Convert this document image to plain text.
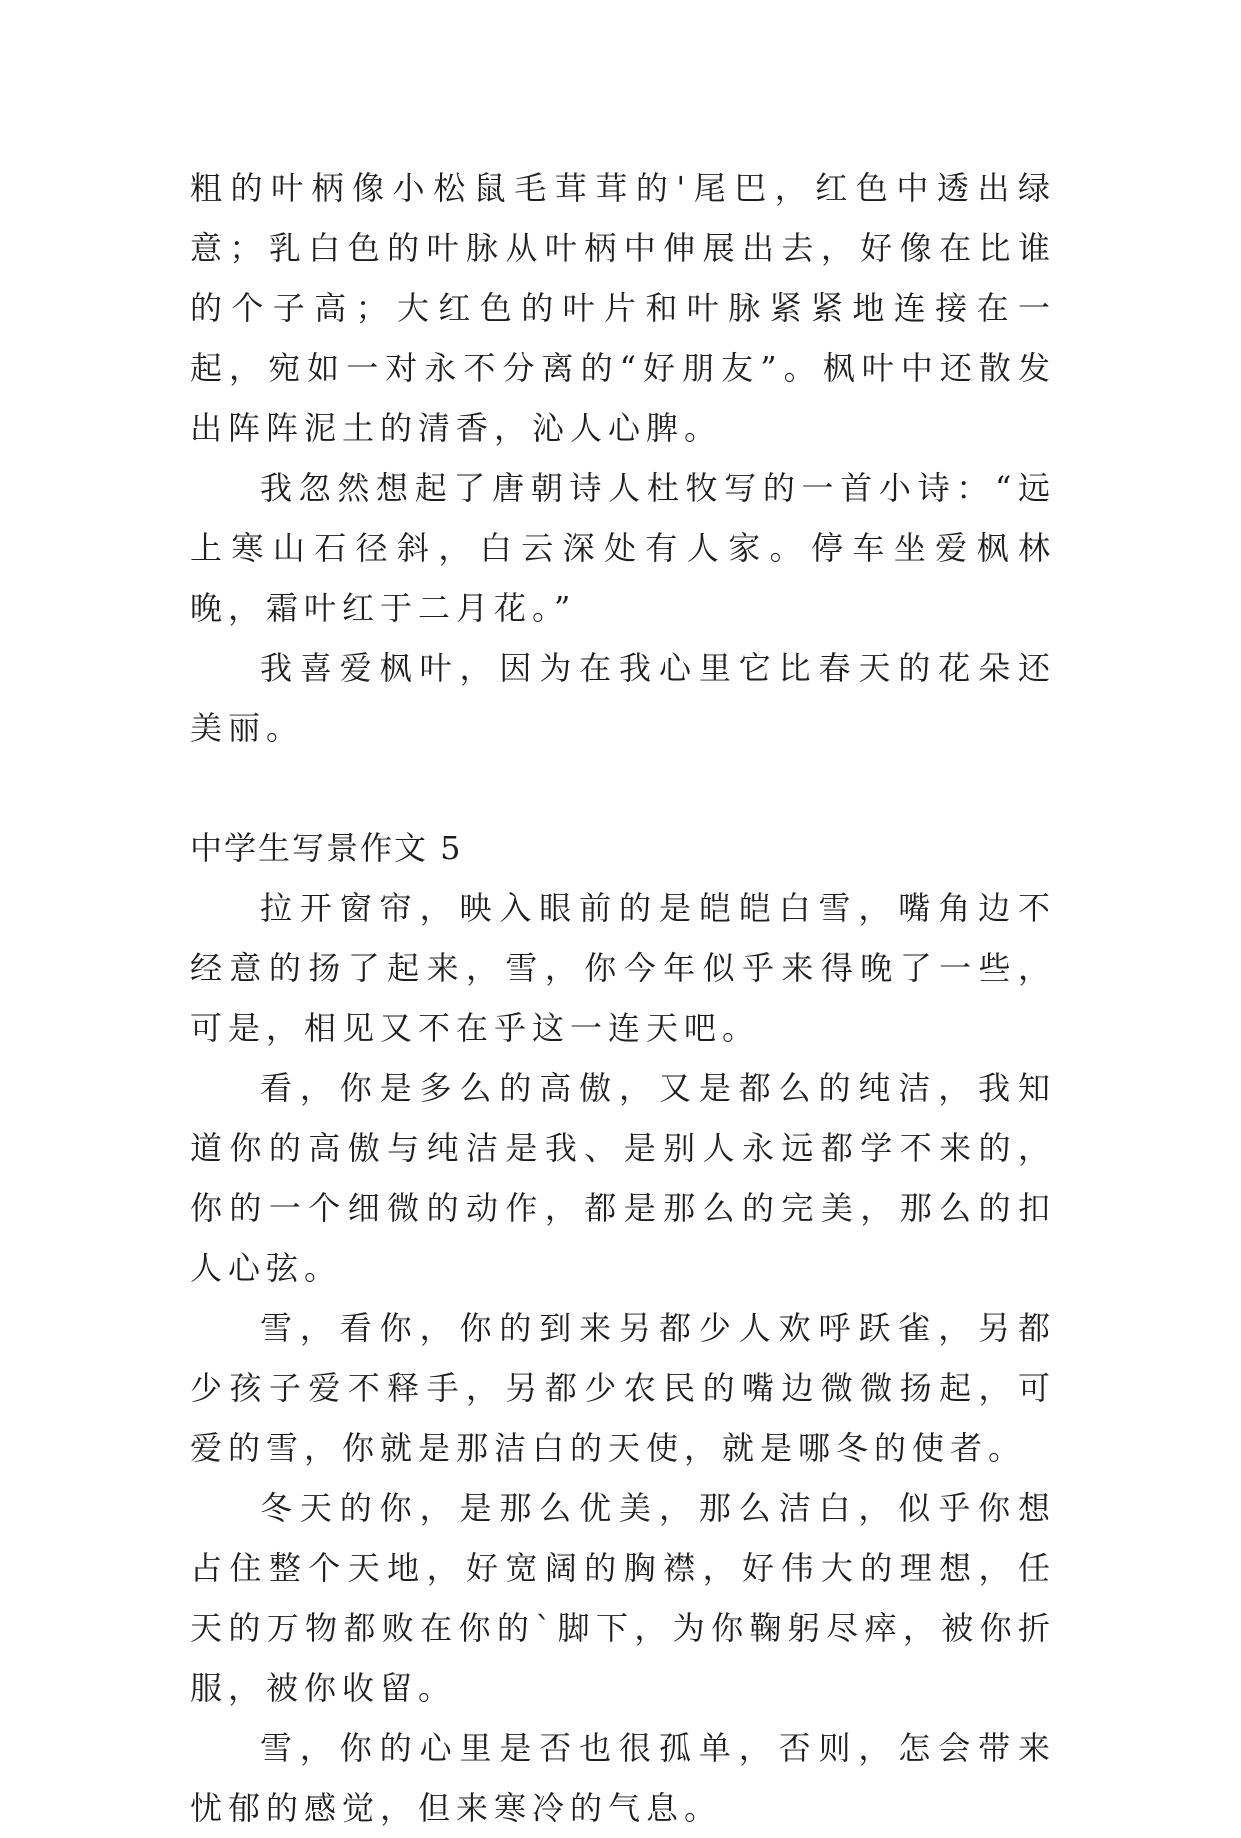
粗的叶柄像小松鼠毛茸茸的'尾巴，红色中透出绿意；乳白色的叶脉从叶柄中伸展出去，好像在比谁的个子高；大红色的叶片和叶脉紧紧地连接在一起，宛如一对永不分离的“好朋友”。枫叶中还散发出阵阵泥土的清香，沁人心脾。

我忽然想起了唐朝诗人杜牧写的一首小诗：“远上寒山石径斜，白云深处有人家。停车坐爱枫林晚，霜叶红于二月花。”

我喜爱枫叶，因为在我心里它比春天的花朵还美丽。

中学生写景作文 5

拉开窗帘，映入眼前的是皑皑白雪，嘴角边不经意的扬了起来，雪，你今年似乎来得晚了一些，可是，相见又不在乎这一连天吧。

看，你是多么的高傲，又是都么的纯洁，我知道你的高傲与纯洁是我、是别人永远都学不来的，你的一个细微的动作，都是那么的完美，那么的扣人心弦。

雪，看你，你的到来另都少人欢呼跃雀，另都少孩子爱不释手，另都少农民的嘴边微微扬起，可爱的雪，你就是那洁白的天使，就是哪冬的使者。

冬天的你，是那么优美，那么洁白，似乎你想占住整个天地，好宽阔的胸襟，好伟大的理想，任天的万物都败在你的`脚下，为你鞠躬尽瘁，被你折服，被你收留。

雪，你的心里是否也很孤单，否则，怎会带来忧郁的感觉，但来寒冷的气息。
